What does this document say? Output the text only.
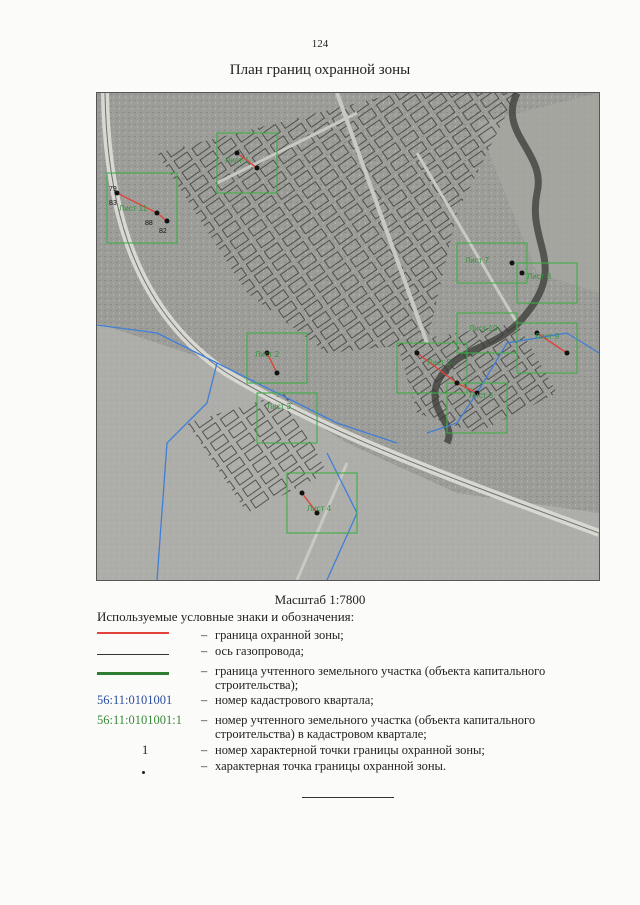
124
План границ охранной зоны
Лист 1
Лист 2
Лист 3
Лист 4
Лист 5
Лист 6
Лист 7
Лист 8
Лист 9
Лист 10
Лист 11
79
83
82
88
Масштаб 1:7800
Используемые условные знаки и обозначения:
– граница охранной зоны;
– ось газопровода;
– граница учтенного земельного участка (объекта капитального строительства);
56:11:0101001	– номер кадастрового квартала;
56:11:0101001:1	– номер учтенного земельного участка (объекта капитального строительства) в кадастровом квартале;
1	– номер характерной точки границы охранной зоны;
– характерная точка границы охранной зоны.
